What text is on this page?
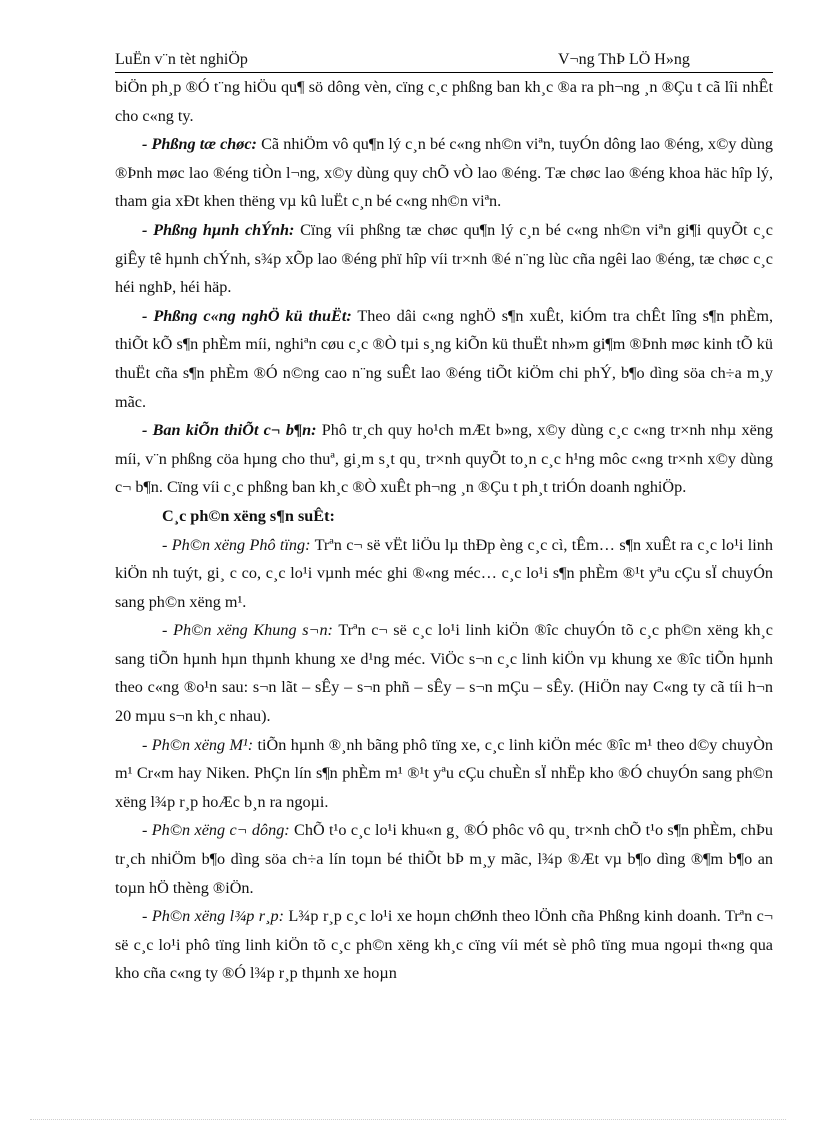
LuËn v¨n tèt nghiÖp	V¬ng ThÞ LÖ H»ng

biÖn ph¸p ®Ó t¨ng hiÖu qu¶ sö dông vèn, cïng c¸c phßng ban kh¸c ®a ra ph¬ng ¸n ®Çu t cã lîi nhÊt cho c«ng ty.

- Phßng tæ chøc: Cã nhiÖm vô qu¶n lý c¸n bé c«ng nh©n viªn, tuyÓn dông lao ®éng, x©y dùng ®Þnh møc lao ®éng tiÒn l¬ng, x©y dùng quy chÕ vÒ lao ®éng. Tæ chøc lao ®éng khoa häc hîp lý, tham gia xÐt khen thëng vµ kû luËt c¸n bé c«ng nh©n viªn.

- Phßng hµnh chÝnh: Cïng víi phßng tæ chøc qu¶n lý c¸n bé c«ng nh©n viªn gi¶i quyÕt c¸c giÊy tê hµnh chÝnh, s¾p xÕp lao ®éng phï hîp víi tr×nh ®é n¨ng lùc cña ngêi lao ®éng, tæ chøc c¸c héi nghÞ, héi häp.

- Phßng c«ng nghÖ kü thuËt: Theo dâi c«ng nghÖ s¶n xuÊt, kiÓm tra chÊt lîng s¶n phÈm, thiÕt kÕ s¶n phÈm míi, nghiªn cøu c¸c ®Ò tµi s¸ng kiÕn kü thuËt nh»m gi¶m ®Þnh møc kinh tÕ kü thuËt cña s¶n phÈm ®Ó n©ng cao n¨ng suÊt lao ®éng tiÕt kiÖm chi phÝ, b¶o dìng söa ch÷a m¸y mãc.

- Ban kiÕn thiÕt c¬ b¶n: Phô tr¸ch quy ho¹ch mÆt b»ng, x©y dùng c¸c c«ng tr×nh nhµ xëng míi, v¨n phßng cöa hµng cho thuª, gi¸m s¸t qu¸ tr×nh quyÕt to¸n c¸c h¹ng môc c«ng tr×nh x©y dùng c¬ b¶n. Cïng víi c¸c phßng ban kh¸c ®Ò xuÊt ph¬ng ¸n ®Çu t ph¸t triÓn doanh nghiÖp.

C¸c ph©n xëng s¶n suÊt:

- Ph©n xëng Phô tïng: Trªn c¬ së vËt liÖu lµ thÐp èng c¸c cì, tÊm… s¶n xuÊt ra c¸c lo¹i linh kiÖn nh tuýt, gi¸ c co, c¸c lo¹i vµnh méc ghi ®«ng méc… c¸c lo¹i s¶n phÈm ®¹t yªu cÇu sÏ chuyÓn sang ph©n xëng m¹.

- Ph©n xëng Khung s¬n: Trªn c¬ së c¸c lo¹i linh kiÖn ®îc chuyÓn tõ c¸c ph©n xëng kh¸c sang tiÕn hµnh hµn thµnh khung xe d¹ng méc. ViÖc s¬n c¸c linh kiÖn vµ khung xe ®îc tiÕn hµnh theo c«ng ®o¹n sau: s¬n lãt – sÊy – s¬n phñ – sÊy – s¬n mÇu – sÊy. (HiÖn nay C«ng ty cã tíi h¬n 20 mµu s¬n kh¸c nhau).

- Ph©n xëng M¹: tiÕn hµnh ®¸nh bãng phô tïng xe, c¸c linh kiÖn méc ®îc m¹ theo d©y chuyÒn m¹ Cr«m hay Niken. PhÇn lín s¶n phÈm m¹ ®¹t yªu cÇu chuÈn sÏ nhËp kho ®Ó chuyÓn sang ph©n xëng l¾p r¸p hoÆc b¸n ra ngoµi.

- Ph©n xëng c¬ dông: ChÕ t¹o c¸c lo¹i khu«n g¸ ®Ó phôc vô qu¸ tr×nh chÕ t¹o s¶n phÈm, chÞu tr¸ch nhiÖm b¶o dìng söa ch÷a lín toµn bé thiÕt bÞ m¸y mãc, l¾p ®Æt vµ b¶o dìng ®¶m b¶o an toµn hÖ thèng ®iÖn.

- Ph©n xëng l¾p r¸p: L¾p r¸p c¸c lo¹i xe hoµn chØnh theo lÖnh cña Phßng kinh doanh. Trªn c¬ së c¸c lo¹i phô tïng linh kiÖn tõ c¸c ph©n xëng kh¸c cïng víi mét sè phô tïng mua ngoµi th«ng qua kho cña c«ng ty ®Ó l¾p r¸p thµnh xe hoµn
